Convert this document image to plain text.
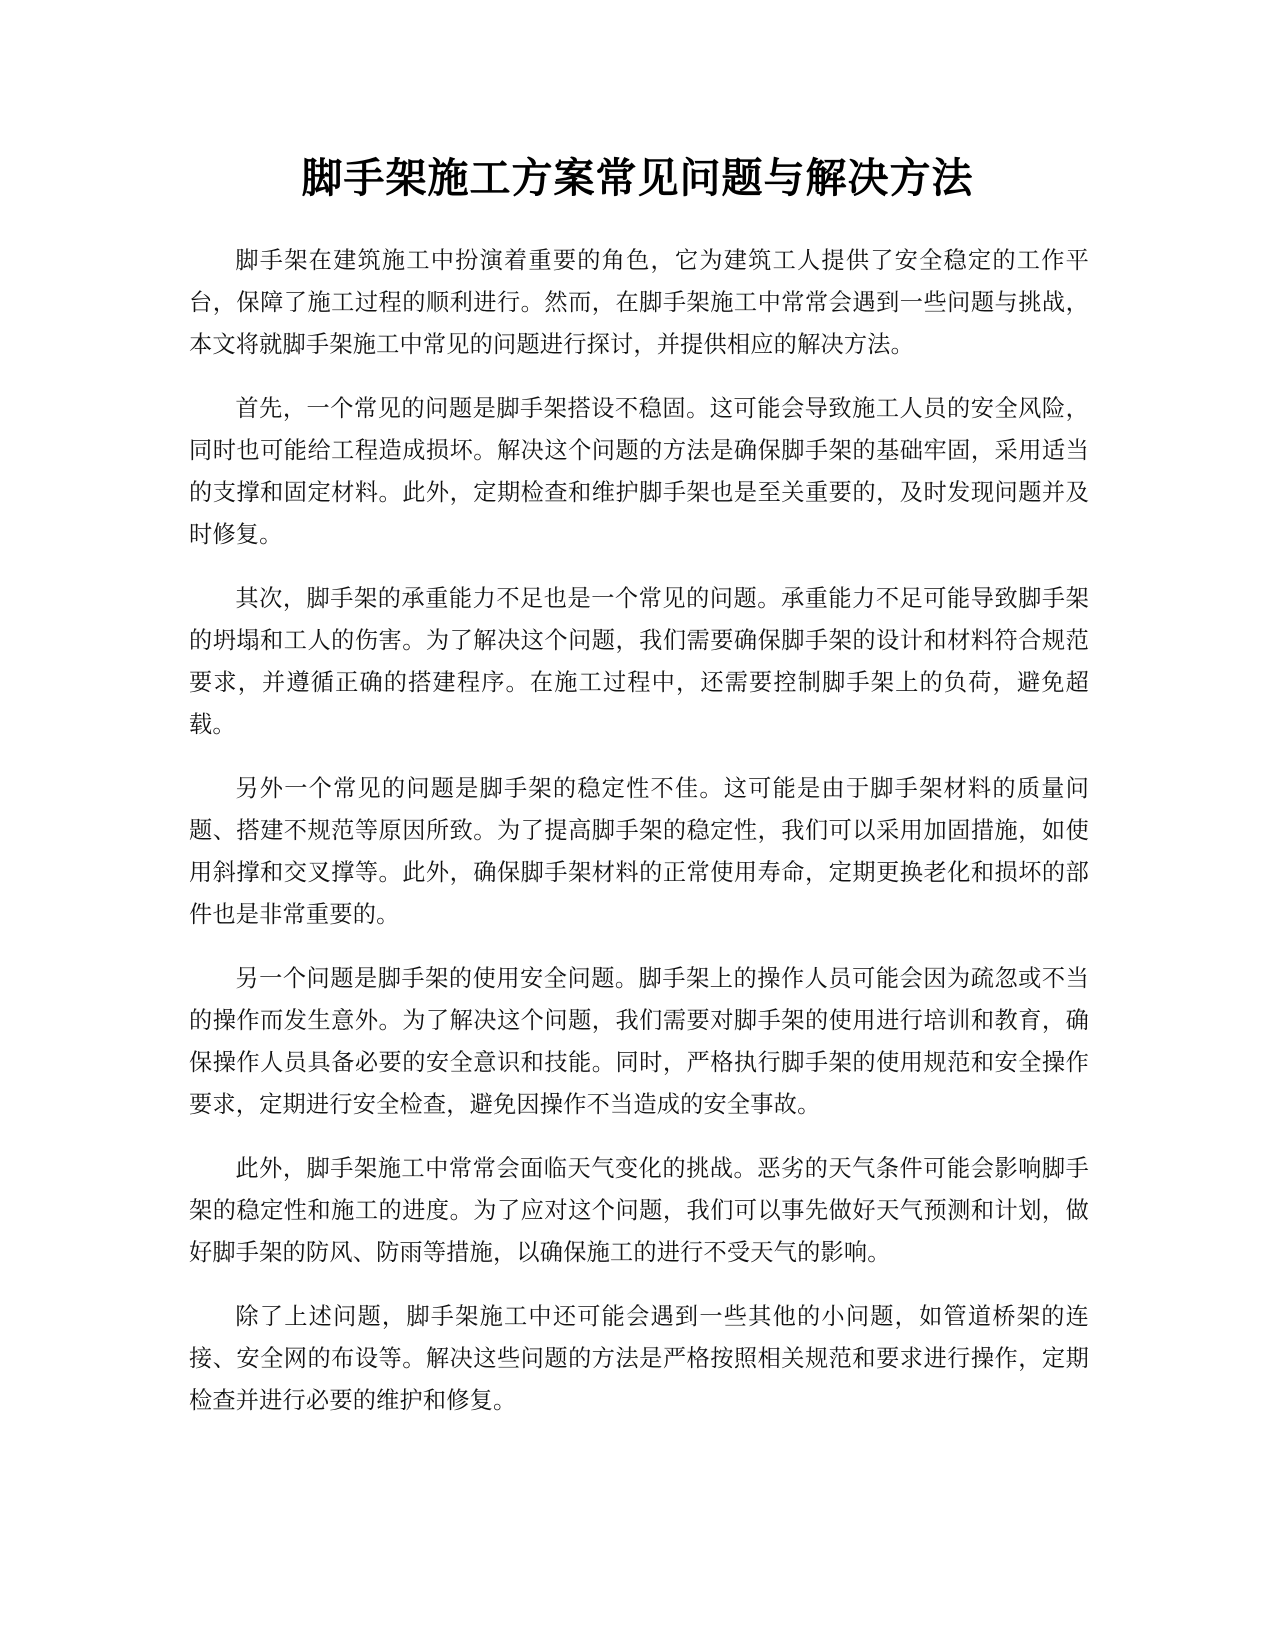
脚手架施工方案常见问题与解决方法

脚手架在建筑施工中扮演着重要的角色，它为建筑工人提供了安全稳定的工作平台，保障了施工过程的顺利进行。然而，在脚手架施工中常常会遇到一些问题与挑战，本文将就脚手架施工中常见的问题进行探讨，并提供相应的解决方法。

首先，一个常见的问题是脚手架搭设不稳固。这可能会导致施工人员的安全风险，同时也可能给工程造成损坏。解决这个问题的方法是确保脚手架的基础牢固，采用适当的支撑和固定材料。此外，定期检查和维护脚手架也是至关重要的，及时发现问题并及时修复。

其次，脚手架的承重能力不足也是一个常见的问题。承重能力不足可能导致脚手架的坍塌和工人的伤害。为了解决这个问题，我们需要确保脚手架的设计和材料符合规范要求，并遵循正确的搭建程序。在施工过程中，还需要控制脚手架上的负荷，避免超载。

另外一个常见的问题是脚手架的稳定性不佳。这可能是由于脚手架材料的质量问题、搭建不规范等原因所致。为了提高脚手架的稳定性，我们可以采用加固措施，如使用斜撑和交叉撑等。此外，确保脚手架材料的正常使用寿命，定期更换老化和损坏的部件也是非常重要的。

另一个问题是脚手架的使用安全问题。脚手架上的操作人员可能会因为疏忽或不当的操作而发生意外。为了解决这个问题，我们需要对脚手架的使用进行培训和教育，确保操作人员具备必要的安全意识和技能。同时，严格执行脚手架的使用规范和安全操作要求，定期进行安全检查，避免因操作不当造成的安全事故。

此外，脚手架施工中常常会面临天气变化的挑战。恶劣的天气条件可能会影响脚手架的稳定性和施工的进度。为了应对这个问题，我们可以事先做好天气预测和计划，做好脚手架的防风、防雨等措施，以确保施工的进行不受天气的影响。

除了上述问题，脚手架施工中还可能会遇到一些其他的小问题，如管道桥架的连接、安全网的布设等。解决这些问题的方法是严格按照相关规范和要求进行操作，定期检查并进行必要的维护和修复。
